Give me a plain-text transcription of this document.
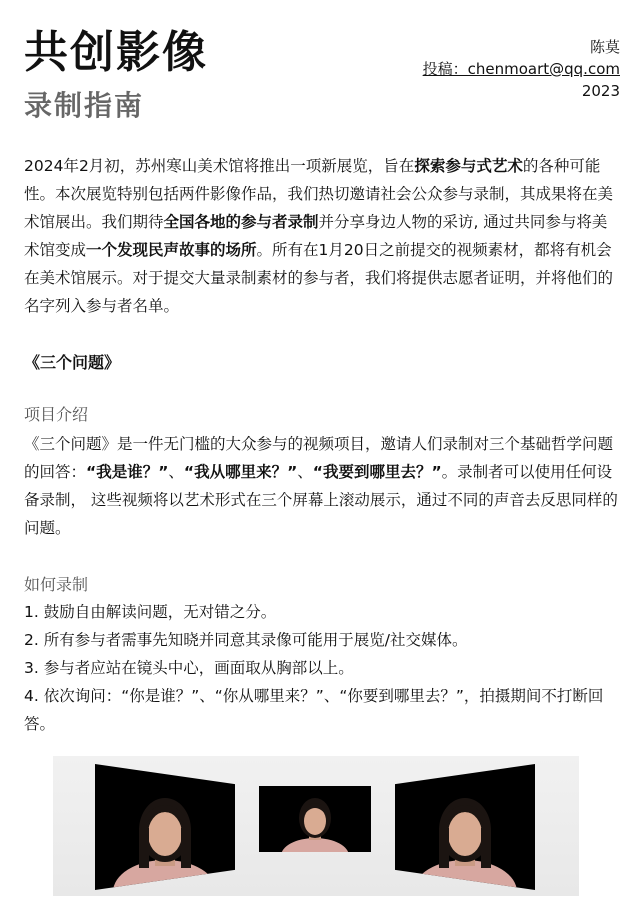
共创影像
录制指南
陈莫
投稿：chenmoart@qq.com
2023

2024年2月初，苏州寒山美术馆将推出一项新展览，旨在探索参与式艺术的各种可能性。本次展览特别包括两件影像作品，我们热切邀请社会公众参与录制，其成果将在美术馆展出。我们期待全国各地的参与者录制并分享身边人物的采访, 通过共同参与将美术馆变成一个发现民声故事的场所。所有在1月20日之前提交的视频素材，都将有机会在美术馆展示。对于提交大量录制素材的参与者，我们将提供志愿者证明，并将他们的名字列入参与者名单。

《三个问题》
项目介绍

《三个问题》是一件无门槛的大众参与的视频项目，邀请人们录制对三个基础哲学问题的回答：“我是谁？”、“我从哪里来？”、“我要到哪里去？”。录制者可以使用任何设备录制， 这些视频将以艺术形式在三个屏幕上滚动展示，通过不同的声音去反思同样的问题。

如何录制
1. 鼓励自由解读问题，无对错之分。
2. 所有参与者需事先知晓并同意其录像可能用于展览/社交媒体。
3. 参与者应站在镜头中心，画面取从胸部以上。
4. 依次询问：“你是谁？”、“你从哪里来？”、“你要到哪里去？”，拍摄期间不打断回答。
